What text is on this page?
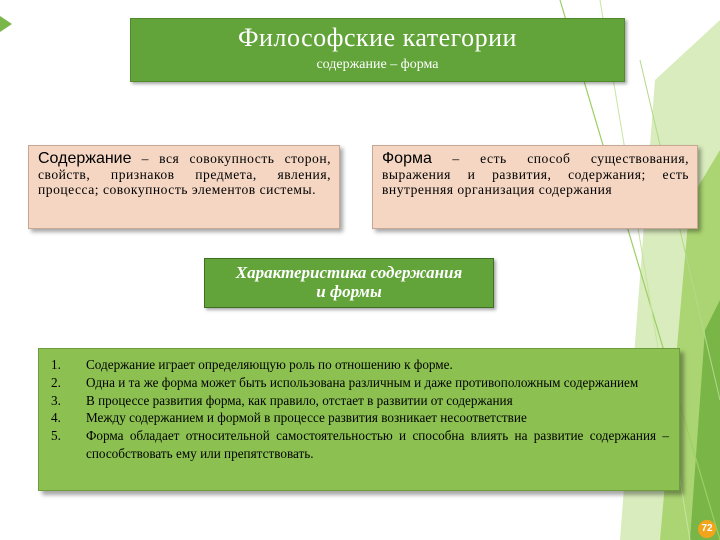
Философские категории
содержание – форма
Содержание – вся совокупность сторон, свойств, признаков предмета, явления, процесса; совокупность элементов системы.
Форма – есть способ существования, выражения и развития, содержания; есть внутренняя организация содержания
Характеристика содержания
и формы
1.	Содержание играет определяющую роль по отношению к форме.
2.	Одна и та же форма может быть использована различным и даже противоположным содержанием
3.	В процессе развития форма, как правило, отстает в развитии от содержания
4.	Между содержанием и формой в процессе развития возникает несоответствие
5.	Форма обладает относительной самостоятельностью и способна влиять на развитие содержания – способствовать ему или препятствовать.
72
